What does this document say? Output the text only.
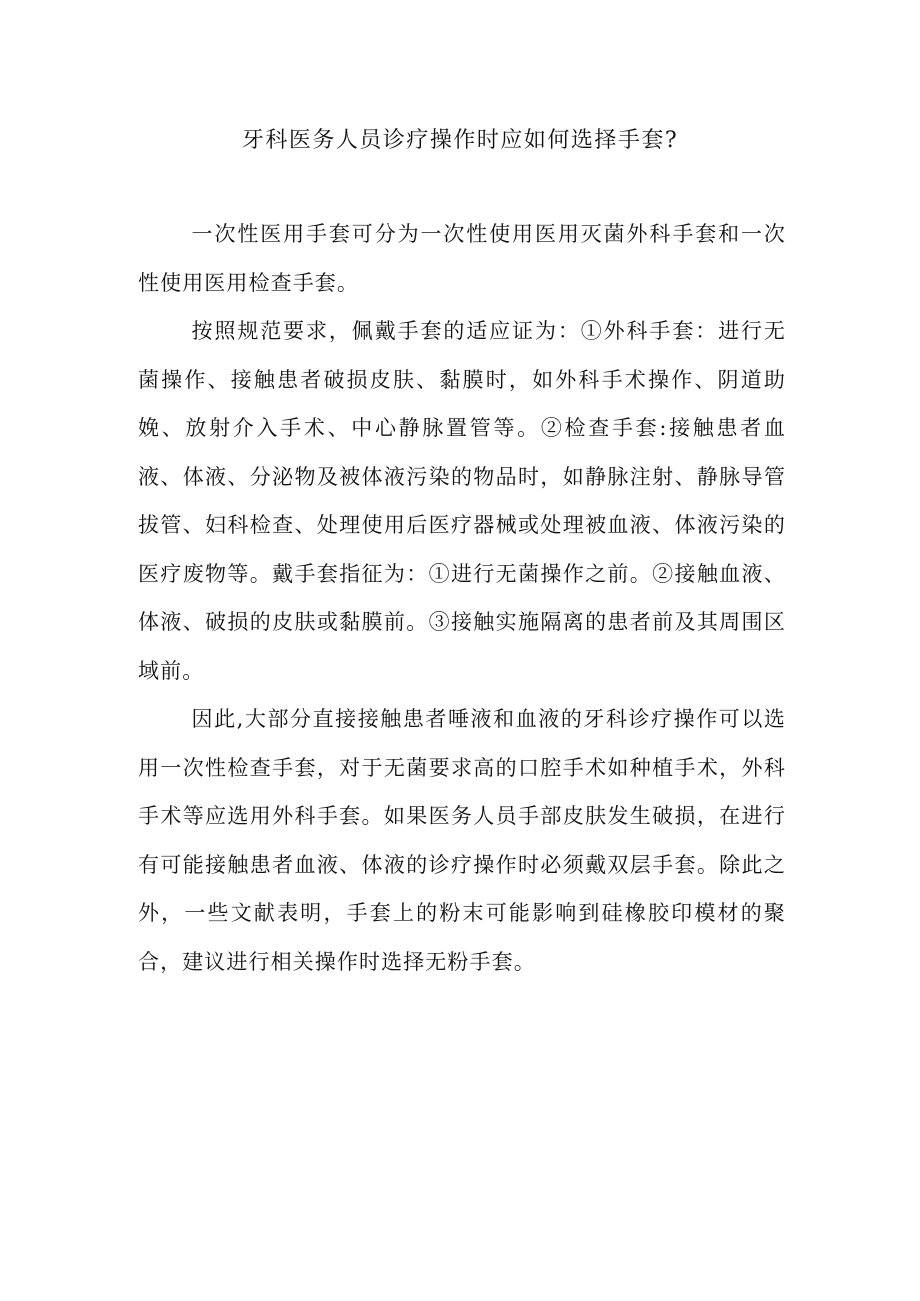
牙科医务人员诊疗操作时应如何选择手套?

一次性医用手套可分为一次性使用医用灭菌外科手套和一次性使用医用检查手套。

按照规范要求，佩戴手套的适应证为：①外科手套：进行无菌操作、接触患者破损皮肤、黏膜时，如外科手术操作、阴道助娩、放射介入手术、中心静脉置管等。②检查手套:接触患者血液、体液、分泌物及被体液污染的物品时，如静脉注射、静脉导管拔管、妇科检查、处理使用后医疗器械或处理被血液、体液污染的医疗废物等。戴手套指征为：①进行无菌操作之前。②接触血液、体液、破损的皮肤或黏膜前。③接触实施隔离的患者前及其周围区域前。

因此,大部分直接接触患者唾液和血液的牙科诊疗操作可以选用一次性检查手套，对于无菌要求高的口腔手术如种植手术，外科手术等应选用外科手套。如果医务人员手部皮肤发生破损，在进行有可能接触患者血液、体液的诊疗操作时必须戴双层手套。除此之外，一些文献表明，手套上的粉末可能影响到硅橡胶印模材的聚合，建议进行相关操作时选择无粉手套。
